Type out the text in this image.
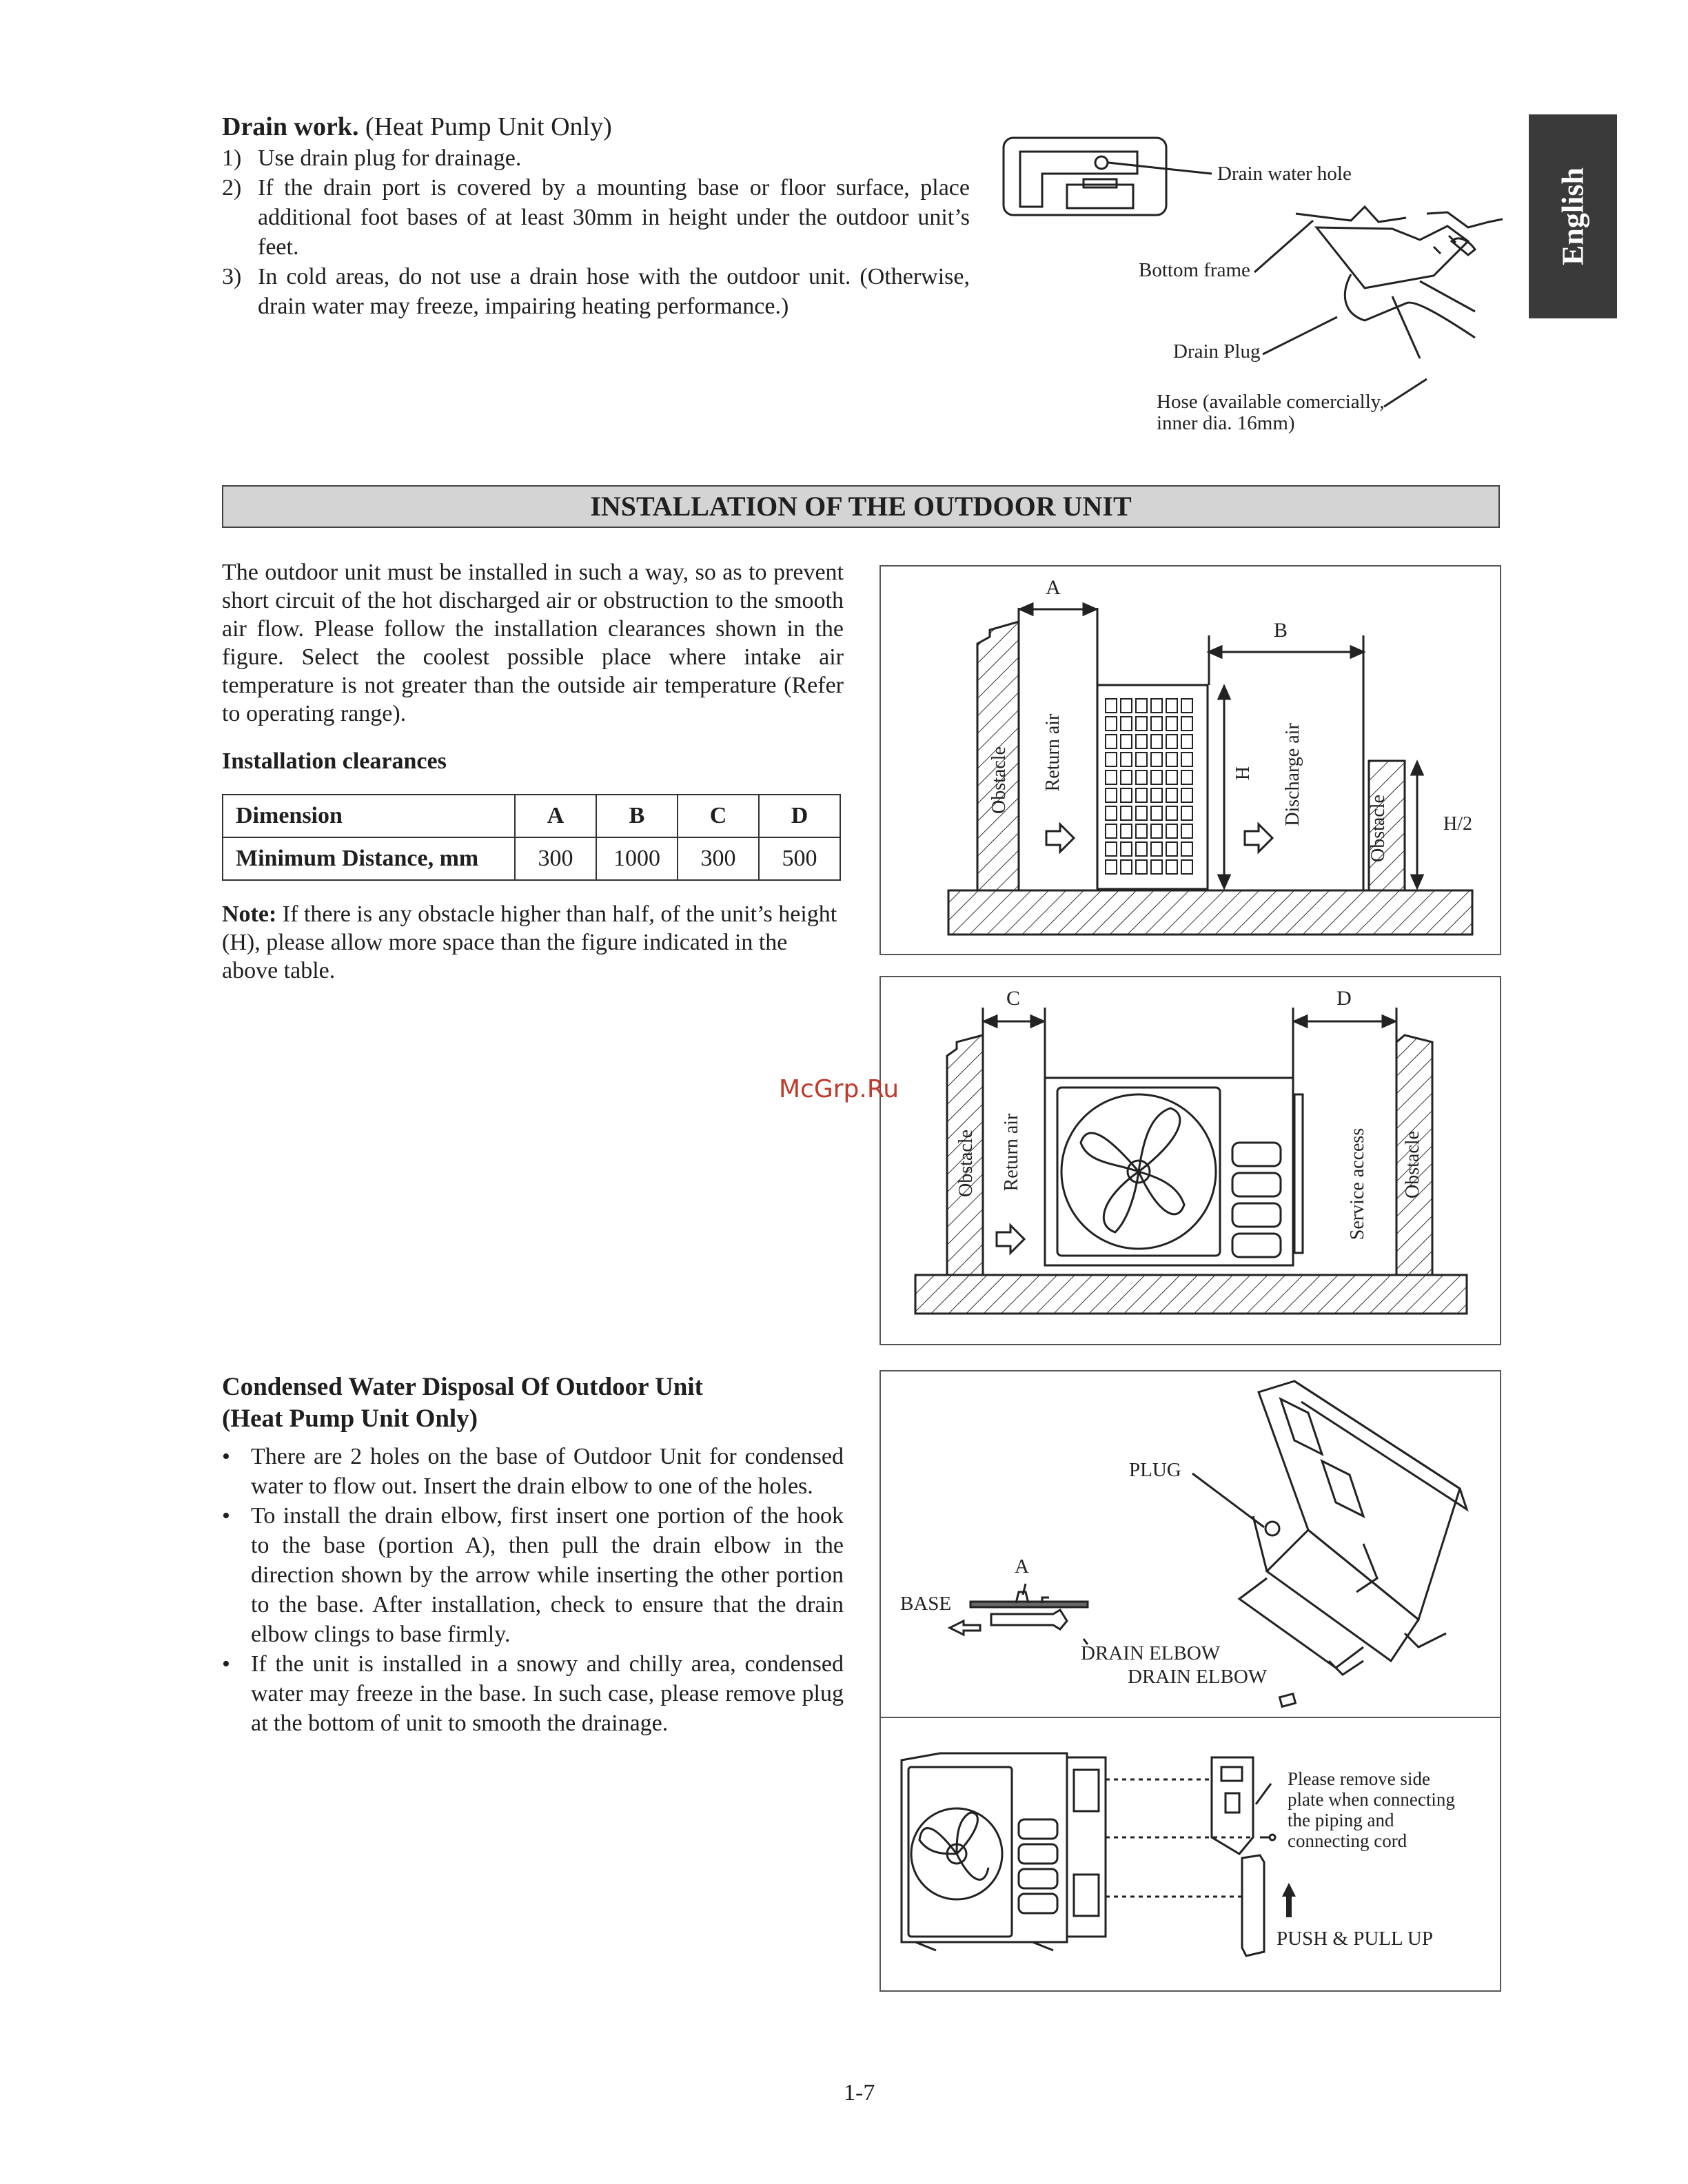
English
Drain work. (Heat Pump Unit Only)
1) Use drain plug for drainage.
2) If the drain port is covered by a mounting base or floor surface, place additional foot bases of at least 30mm in height under the outdoor unit’s feet.
3) In cold areas, do not use a drain hose with the outdoor unit. (Otherwise, drain water may freeze, impairing heating performance.)
Drain water hole
Bottom frame
Drain Plug
Hose (available comercially,
inner dia. 16mm)
INSTALLATION OF THE OUTDOOR UNIT
The outdoor unit must be installed in such a way, so as to prevent short circuit of the hot discharged air or obstruction to the smooth air flow. Please follow the installation clearances shown in the figure. Select the coolest possible place where intake air temperature is not greater than the outside air temperature (Refer to operating range).
Installation clearances
Dimension	A	B	C	D
Minimum Distance, mm	300	1000	300	500
Note: If there is any obstacle higher than half, of the unit’s height (H), please allow more space than the figure indicated in the above table.
A
B
H
H/2
Obstacle Return air	Discharge air
Obstacle
C	D
Obstacle Return air	Service access Obstacle
McGrp.Ru
Condensed Water Disposal Of Outdoor Unit
(Heat Pump Unit Only)
• There are 2 holes on the base of Outdoor Unit for condensed water to flow out. Insert the drain elbow to one of the holes.
• To install the drain elbow, first insert one portion of the hook to the base (portion A), then pull the drain elbow in the direction shown by the arrow while inserting the other portion to the base. After installation, check to ensure that the drain elbow clings to base firmly.
• If the unit is installed in a snowy and chilly area, condensed water may freeze in the base. In such case, please remove plug at the bottom of unit to smooth the drainage.
PLUG
A
BASE
DRAIN ELBOW
DRAIN ELBOW
Please remove side
plate when connecting
the piping and
connecting cord
PUSH & PULL UP
1-7
